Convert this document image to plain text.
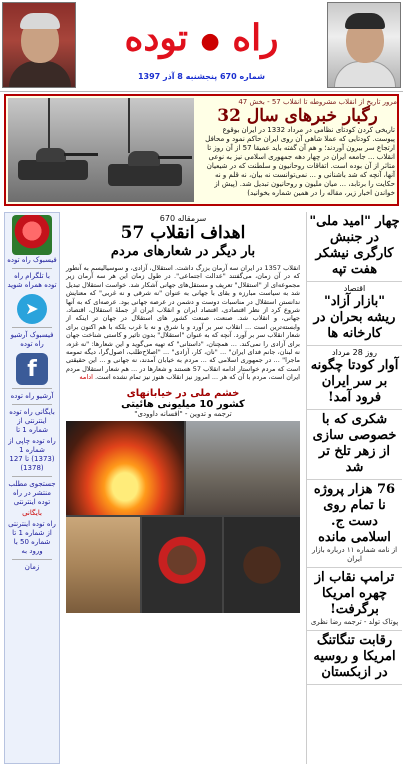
راه ● توده
شماره 670 پنجشنبه 8 آذر 1397
مرور تاریخ از انقلاب مشروطه تا انقلاب 57 - بخش 47
رگبار خبرهای سال 32
تاریخی کردن کودتای نظامی در مرداد 1332 در ایران بوقوع پیوست. کودتایی که عملا شاهی آن روی ایران حاکم نمود و محافل ارتجاع سر بیرون آوردند؛ و هم آن گفته باید عمیقا 57 از آن روز تا انقلاب ... جامعه ایران در چهار دهه جمهوری اسلامی نیز به نوعی متاثر از آن بوده است. اتفاقات روحانیون و سلطنت که در شیعیان آنها، آنچه که شد باشنانی و ... نمی‌توانست نه بیان، نه قلم و نه حکایت را برتابد، ... میان ملیون و روحانیون تبدیل شد. (پیش از خواندن اخبار زیر، مقاله را در همین شماره بخوانید)
فیسبوک راه توده
با تلگرام راه توده همراه شوید
➤
فیسبوک آرشیو راه توده
f
آرشیو راه توده
بایگانی راه توده اینترنتی از شماره 1 تا
راه توده چاپی از شماره 1 (1373) تا 127 (1378)
جستجوی مطلب منتشر در راه توده اینترنتی
بایگانی
راه توده اینترنتی از شماره 1 تا شماره 50 با ورود به
زمان
سرمقاله 670
اهداف انقلاب 57
بار دیگر در شعارهای مردم
انقلاب 1357 در ایران سه آرمان بزرگ داشت. استقلال، آزادی، و سوسیالیسم به آنطور که در آن زمان، می‌گفتند "عدالت اجتماعی". در طول زمان این هر سه آرمان زیر مجموعه‌ای از "استقلال" تعریف و مستقل‌های جهانی آشکار شد. خواست استقلال تبدیل شد به سیاست مبارزه و بقای با جهانی به عنوان "نه شرقی و نه غربی" که معنایش ندانستن استقلال در مناسبات دوست و دشمن در عرصه جهانی بود. عرصه‌ای که به آنها شروع کرد از نظر اقتصادی، اقتصاد ایران و انقلاب ایران از جملۀ استقلال، اقتصاد، جهانی، و انقلاب شد. صنعت، صنعت کشور های استقلال در جهان تر اینکه از وابسته‌ترین است ... انقلاب سر بر آورد و با شرق و نه با غرب بلکه با هم اکنون برای شعار انقلاب سر بر آورد. آنچه که به عنوان "استقلال" بدون تاثیر و کاستی شناخت جهان برای آزادی را نمی‌کند. ... همچنان، "داستانی" که تهیه می‌گوید و این شعارها: "نه غزه، نه لبنان، جانم فدای ایران" ... "نان، کار، آزادی" ... "اصلاح‌طلب، اصول‌گرا، دیگه تمومه ماجرا" ... در جمهوری اسلامی که ... مردم به خیابان آمدند، نه جهانی و ... این حقیقتی است که مردم خواستار ادامه انقلاب 57 هستند و شعارها در ... هم شعار استقلال مردم ایران است، مردم با آن که هر ... امروز نیز انقلاب هنوز نیز تمام نشده است. ادامه
خشم ملی در خیابانهای
کشور 10 میلیونی هائیتی
ترجمه و تدوین - "افسانه داوودی"
چهار "امید ملی" در جنبش کارگری نیشکر هفت تپه
اقتصاد
"بازار آزاد" ریشه بحران در کارخانه ها
روز 28 مرداد
آوار کودتا چگونه بر سر ایران فرود آمد!
شکری که با خصوصی سازی از زهر تلخ تر شد
76 هزار پروژه نا تمام روی دست ج. اسلامی مانده
از نامه شماره ۱۱ درباره بازار ایران
ترامپ نقاب از چهره امریکا برگرفت!
پوتاک تولد - ترجمه رضا نظری
رقابت تنگاتنگ امریکا و روسیه در ازبکستان
